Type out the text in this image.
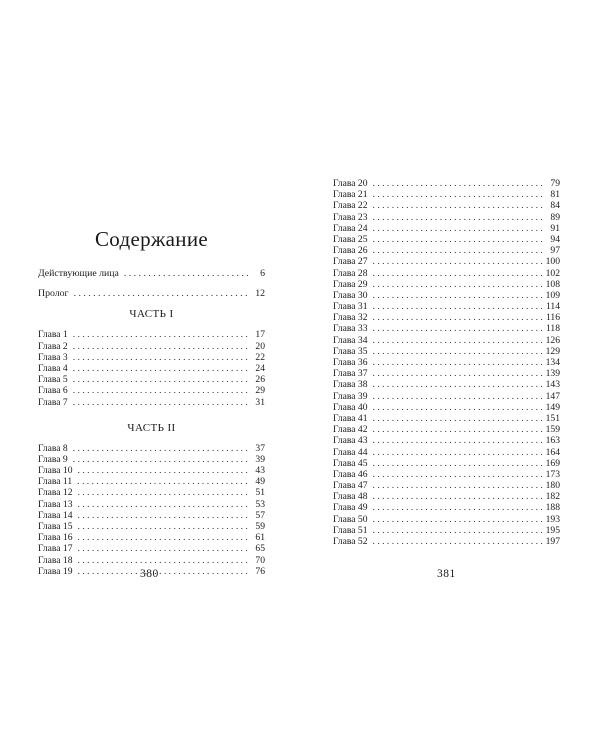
Содержание
Действующие лица . . .	6
Пролог . . .	12
ЧАСТЬ I
Глава 1 . . .	17
Глава 2 . . .	20
Глава 3 . . .	22
Глава 4 . . .	24
Глава 5 . . .	26
Глава 6 . . .	29
Глава 7 . . .	31
ЧАСТЬ II
Глава 8 . . .	37
Глава 9 . . .	39
Глава 10 . . .	43
Глава 11 . . .	49
Глава 12 . . .	51
Глава 13 . . .	53
Глава 14 . . .	57
Глава 15 . . .	59
Глава 16 . . .	61
Глава 17 . . .	65
Глава 18 . . .	70
Глава 19 . . .	76
380
Глава 20 . . .	79
Глава 21 . . .	81
Глава 22 . . .	84
Глава 23 . . .	89
Глава 24 . . .	91
Глава 25 . . .	94
Глава 26 . . .	97
Глава 27 . . .	100
Глава 28 . . .	102
Глава 29 . . .	108
Глава 30 . . .	109
Глава 31 . . .	114
Глава 32 . . .	116
Глава 33 . . .	118
Глава 34 . . .	126
Глава 35 . . .	129
Глава 36 . . .	134
Глава 37 . . .	139
Глава 38 . . .	143
Глава 39 . . .	147
Глава 40 . . .	149
Глава 41 . . .	151
Глава 42 . . .	159
Глава 43 . . .	163
Глава 44 . . .	164
Глава 45 . . .	169
Глава 46 . . .	173
Глава 47 . . .	180
Глава 48 . . .	182
Глава 49 . . .	188
Глава 50 . . .	193
Глава 51 . . .	195
Глава 52 . . .	197
381
